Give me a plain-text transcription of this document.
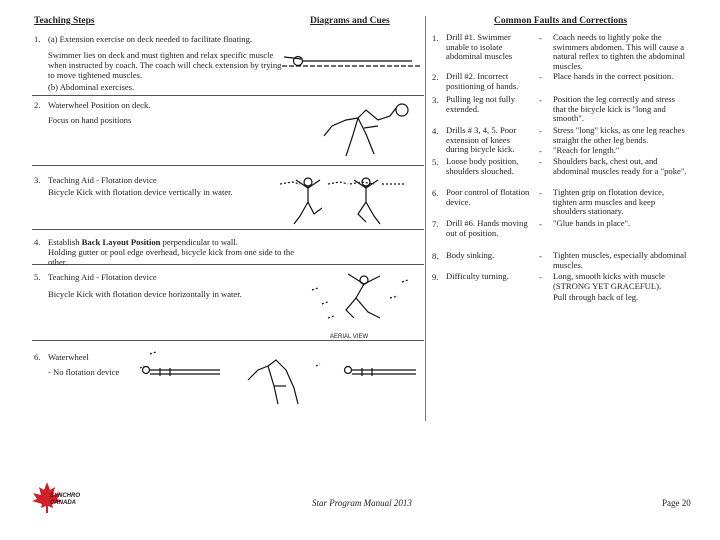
Teaching Steps	Diagrams and Cues	Common Faults and Corrections
1. (a) Extension exercise on deck needed to facilitate floating.
Swimmer lies on deck and must tighten and relax specific muscle when instructed by coach. The coach will check extension by trying to move tightened muscles.
(b) Abdominal exercises.
2. Waterwheel Position on deck.
Focus on hand positions
3. Teaching Aid - Flotation device
Bicycle Kick with flotation device vertically in water.
4. Establish Back Layout Position perpendicular to wall.
Holding gutter or pool edge overhead, bicycle kick from one side to the other.
5. Teaching Aid - Flotation device
Bicycle Kick with flotation device horizontally in water.
6. Waterwheel
- No flotation device
AERIAL VIEW
1. Drill #1. Swimmer unable to isolate abdominal muscles
- Coach needs to lightly poke the swimmers abdomen. This will cause a natural reflex to tighten the abdominal muscles.
2. Drill #2. Incorrect positioning of hands.
- Place hands in the correct position.
3. Pulling leg not fully extended.
- Position the leg correctly and stress that the bicycle kick is "long and smooth".
4. Drills # 3, 4, 5. Poor extension of knees during bicycle kick.
- Stress "long" kicks, as one leg reaches straight the other leg bends.
- "Reach for length."
5. Loose body position, shoulders slouched.
- Shoulders back, chest out, and abdominal muscles ready for a "poke".
6. Poor control of flotation device.
- Tighten grip on flotation device, tighten arm muscles and keep shoulders stationary.
7. Drill #6. Hands moving out of position.
- "Glue hands in place".
8. Body sinking.	- Tighten muscles, especially abdominal muscles.
9. Difficulty turning.	- Long, smooth kicks with muscle (STRONG YET GRACEFUL).
Pull through back of leg.
SYNCHRO
CANADA	Star Program Manual 2013	Page 20
